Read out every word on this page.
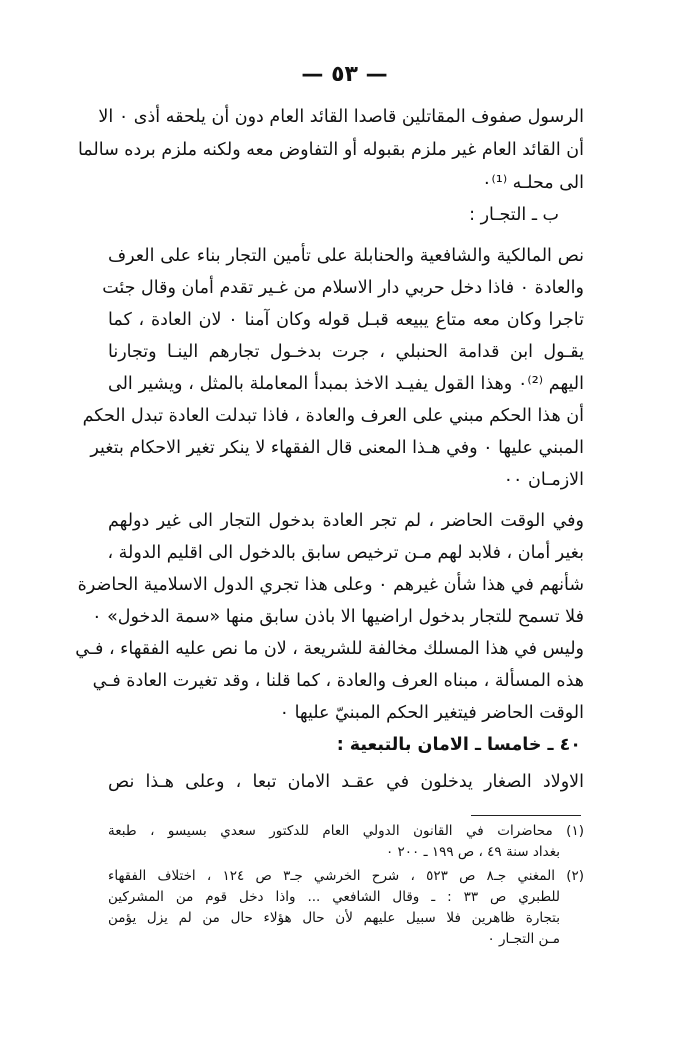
— ٥٣ —
الرسول صفوف المقاتلين قاصدا القائد العام دون أن يلحقه أذى ٠ الا
أن القائد العام غير ملزم بقبوله أو التفاوض معه ولكنه ملزم برده سالما
الى محلـه ⁽¹⁾٠
ب ـ التجـار :
نص المالكية والشافعية والحنابلة على تأمين التجار بناء على العرف
والعادة ٠ فاذا دخل حربي دار الاسلام من غـير تقدم أمان وقال جئت
تاجرا وكان معه متاع يبيعه قبـل قوله وكان آمنا ٠ لان العادة ، كما
يقـول ابن قدامة الحنبلي ، جرت بدخـول تجارهم الينـا وتجارنا
اليهم ⁽²⁾٠ وهذا القول يفيـد الاخذ بمبدأ المعاملة بالمثل ، ويشير الى
أن هذا الحكم مبني على العرف والعادة ، فاذا تبدلت العادة تبدل الحكم
المبني عليها ٠ وفي هـذا المعنى قال الفقهاء لا ينكر تغير الاحكام بتغير
الازمـان ٠٠
وفي الوقت الحاضر ، لم تجر العادة بدخول التجار الى غير دولهم
بغير أمان ، فلابد لهم مـن ترخيص سابق بالدخول الى اقليم الدولة ،
شأنهم في هذا شأن غيرهم ٠ وعلى هذا تجري الدول الاسلامية الحاضرة
فلا تسمح للتجار بدخول اراضيها الا باذن سابق منها «سمة الدخول» ٠
وليس في هذا المسلك مخالفة للشريعة ، لان ما نص عليه الفقهاء ، فـي
هذه المسألة ، مبناه العرف والعادة ، كما قلنا ، وقد تغيرت العادة فـي
الوقت الحاضر فيتغير الحكم المبنيّ عليها ٠
٤٠ ـ خامسا ـ الامان بالتبعية :
الاولاد الصغار يدخلون في عقـد الامان تبعا ، وعلى هـذا نص
(١) محاضرات في القانون الدولي العام للدكتور سعدي بسيسو ، طبعة
بغداد سنة ٤٩ ، ص ١٩٩ ـ ٢٠٠ ٠
(٢) المغني جـ٨ ص ٥٢٣ ، شرح الخرشي جـ٣ ص ١٢٤ ، اختلاف الفقهاء
للطبري ص ٣٣ : ـ وقال الشافعي ... واذا دخل قوم من المشركين
بتجارة ظاهرين فلا سبيل عليهم لأن حال هؤلاء حال من لم يزل يؤمن
مـن التجـار ٠
